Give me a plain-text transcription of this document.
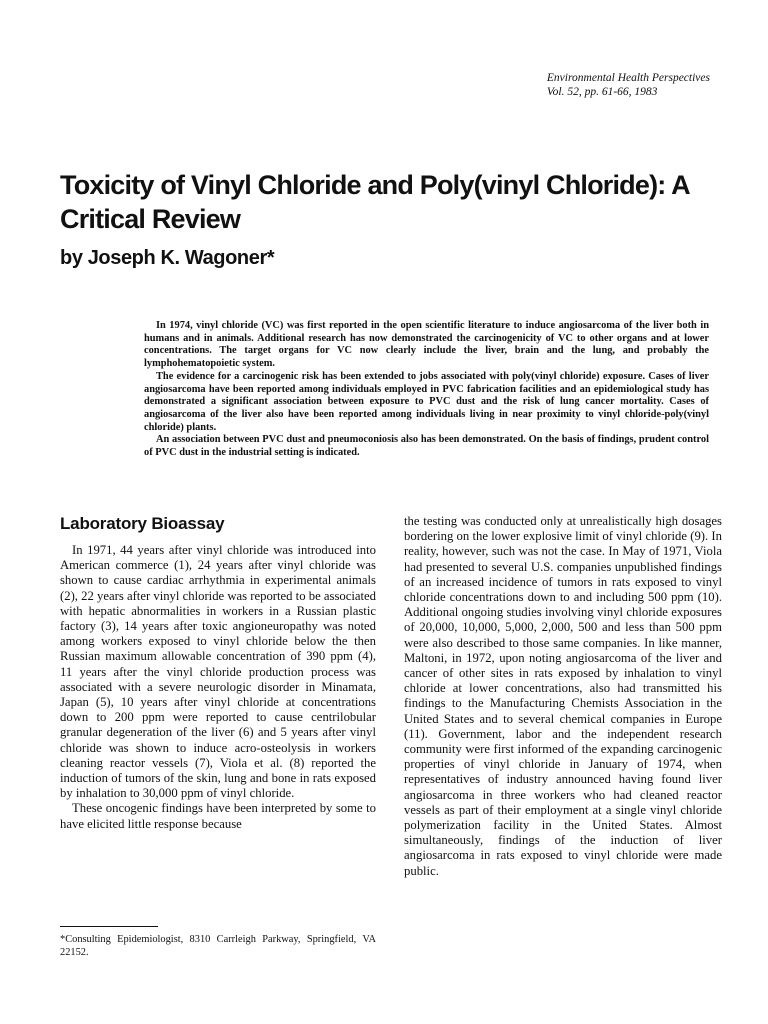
Environmental Health Perspectives
Vol. 52, pp. 61-66, 1983
Toxicity of Vinyl Chloride and Poly(vinyl Chloride): A Critical Review
by Joseph K. Wagoner*

In 1974, vinyl chloride (VC) was first reported in the open scientific literature to induce angiosarcoma of the liver both in humans and in animals. Additional research has now demonstrated the carcinogenicity of VC to other organs and at lower concentrations. The target organs for VC now clearly include the liver, brain and the lung, and probably the lymphohematopoietic system.

The evidence for a carcinogenic risk has been extended to jobs associated with poly(vinyl chloride) exposure. Cases of liver angiosarcoma have been reported among individuals employed in PVC fabrication facilities and an epidemiological study has demonstrated a significant association between exposure to PVC dust and the risk of lung cancer mortality. Cases of angiosarcoma of the liver also have been reported among individuals living in near proximity to vinyl chloride-poly(vinyl chloride) plants.

An association between PVC dust and pneumoconiosis also has been demonstrated. On the basis of findings, prudent control of PVC dust in the industrial setting is indicated.

Laboratory Bioassay

In 1971, 44 years after vinyl chloride was introduced into American commerce (1), 24 years after vinyl chloride was shown to cause cardiac arrhythmia in experimental animals (2), 22 years after vinyl chloride was reported to be associated with hepatic abnormalities in workers in a Russian plastic factory (3), 14 years after toxic angioneuropathy was noted among workers exposed to vinyl chloride below the then Russian maximum allowable concentration of 390 ppm (4), 11 years after the vinyl chloride production process was associated with a severe neurologic disorder in Minamata, Japan (5), 10 years after vinyl chloride at concentrations down to 200 ppm were reported to cause centrilobular granular degeneration of the liver (6) and 5 years after vinyl chloride was shown to induce acro-osteolysis in workers cleaning reactor vessels (7), Viola et al. (8) reported the induction of tumors of the skin, lung and bone in rats exposed by inhalation to 30,000 ppm of vinyl chloride.

These oncogenic findings have been interpreted by some to have elicited little response because

the testing was conducted only at unrealistically high dosages bordering on the lower explosive limit of vinyl chloride (9). In reality, however, such was not the case. In May of 1971, Viola had presented to several U.S. companies unpublished findings of an increased incidence of tumors in rats exposed to vinyl chloride concentrations down to and including 500 ppm (10). Additional ongoing studies involving vinyl chloride exposures of 20,000, 10,000, 5,000, 2,000, 500 and less than 500 ppm were also described to those same companies. In like manner, Maltoni, in 1972, upon noting angiosarcoma of the liver and cancer of other sites in rats exposed by inhalation to vinyl chloride at lower concentrations, also had transmitted his findings to the Manufacturing Chemists Association in the United States and to several chemical companies in Europe (11). Government, labor and the independent research community were first informed of the expanding carcinogenic properties of vinyl chloride in January of 1974, when representatives of industry announced having found liver angiosarcoma in three workers who had cleaned reactor vessels as part of their employment at a single vinyl chloride polymerization facility in the United States. Almost simultaneously, findings of the induction of liver angiosarcoma in rats exposed to vinyl chloride were made public.

*Consulting Epidemiologist, 8310 Carrleigh Parkway, Springfield, VA 22152.
